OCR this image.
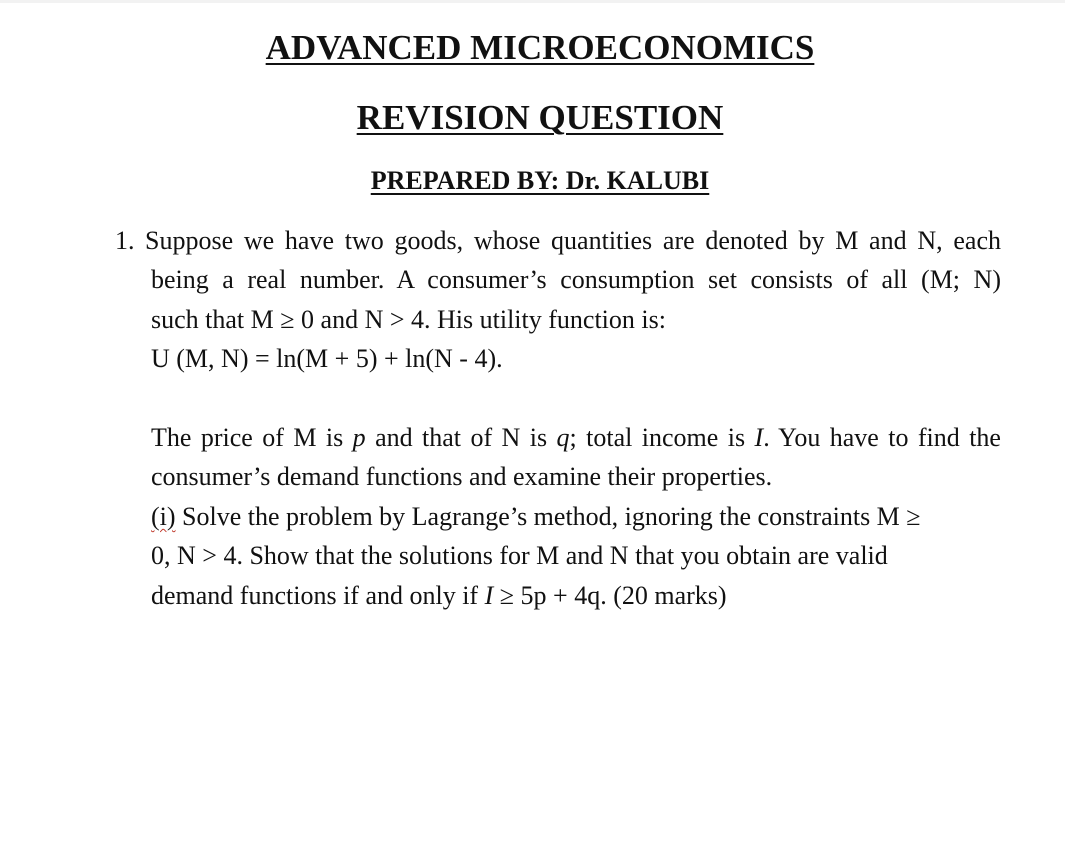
ADVANCED MICROECONOMICS
REVISION QUESTION
PREPARED BY: Dr. KALUBI
1. Suppose we have two goods, whose quantities are denoted by M and N, each
being a real number. A consumer’s consumption set consists of all (M; N)
such that M ≥ 0 and N > 4. His utility function is:
U (M, N) = ln(M + 5) + ln(N - 4).
The price of M is p and that of N is q; total income is I. You have to find the
consumer’s demand functions and examine their properties.
(i) Solve the problem by Lagrange’s method, ignoring the constraints M ≥
0, N > 4. Show that the solutions for M and N that you obtain are valid
demand functions if and only if I ≥ 5p + 4q. (20 marks)
